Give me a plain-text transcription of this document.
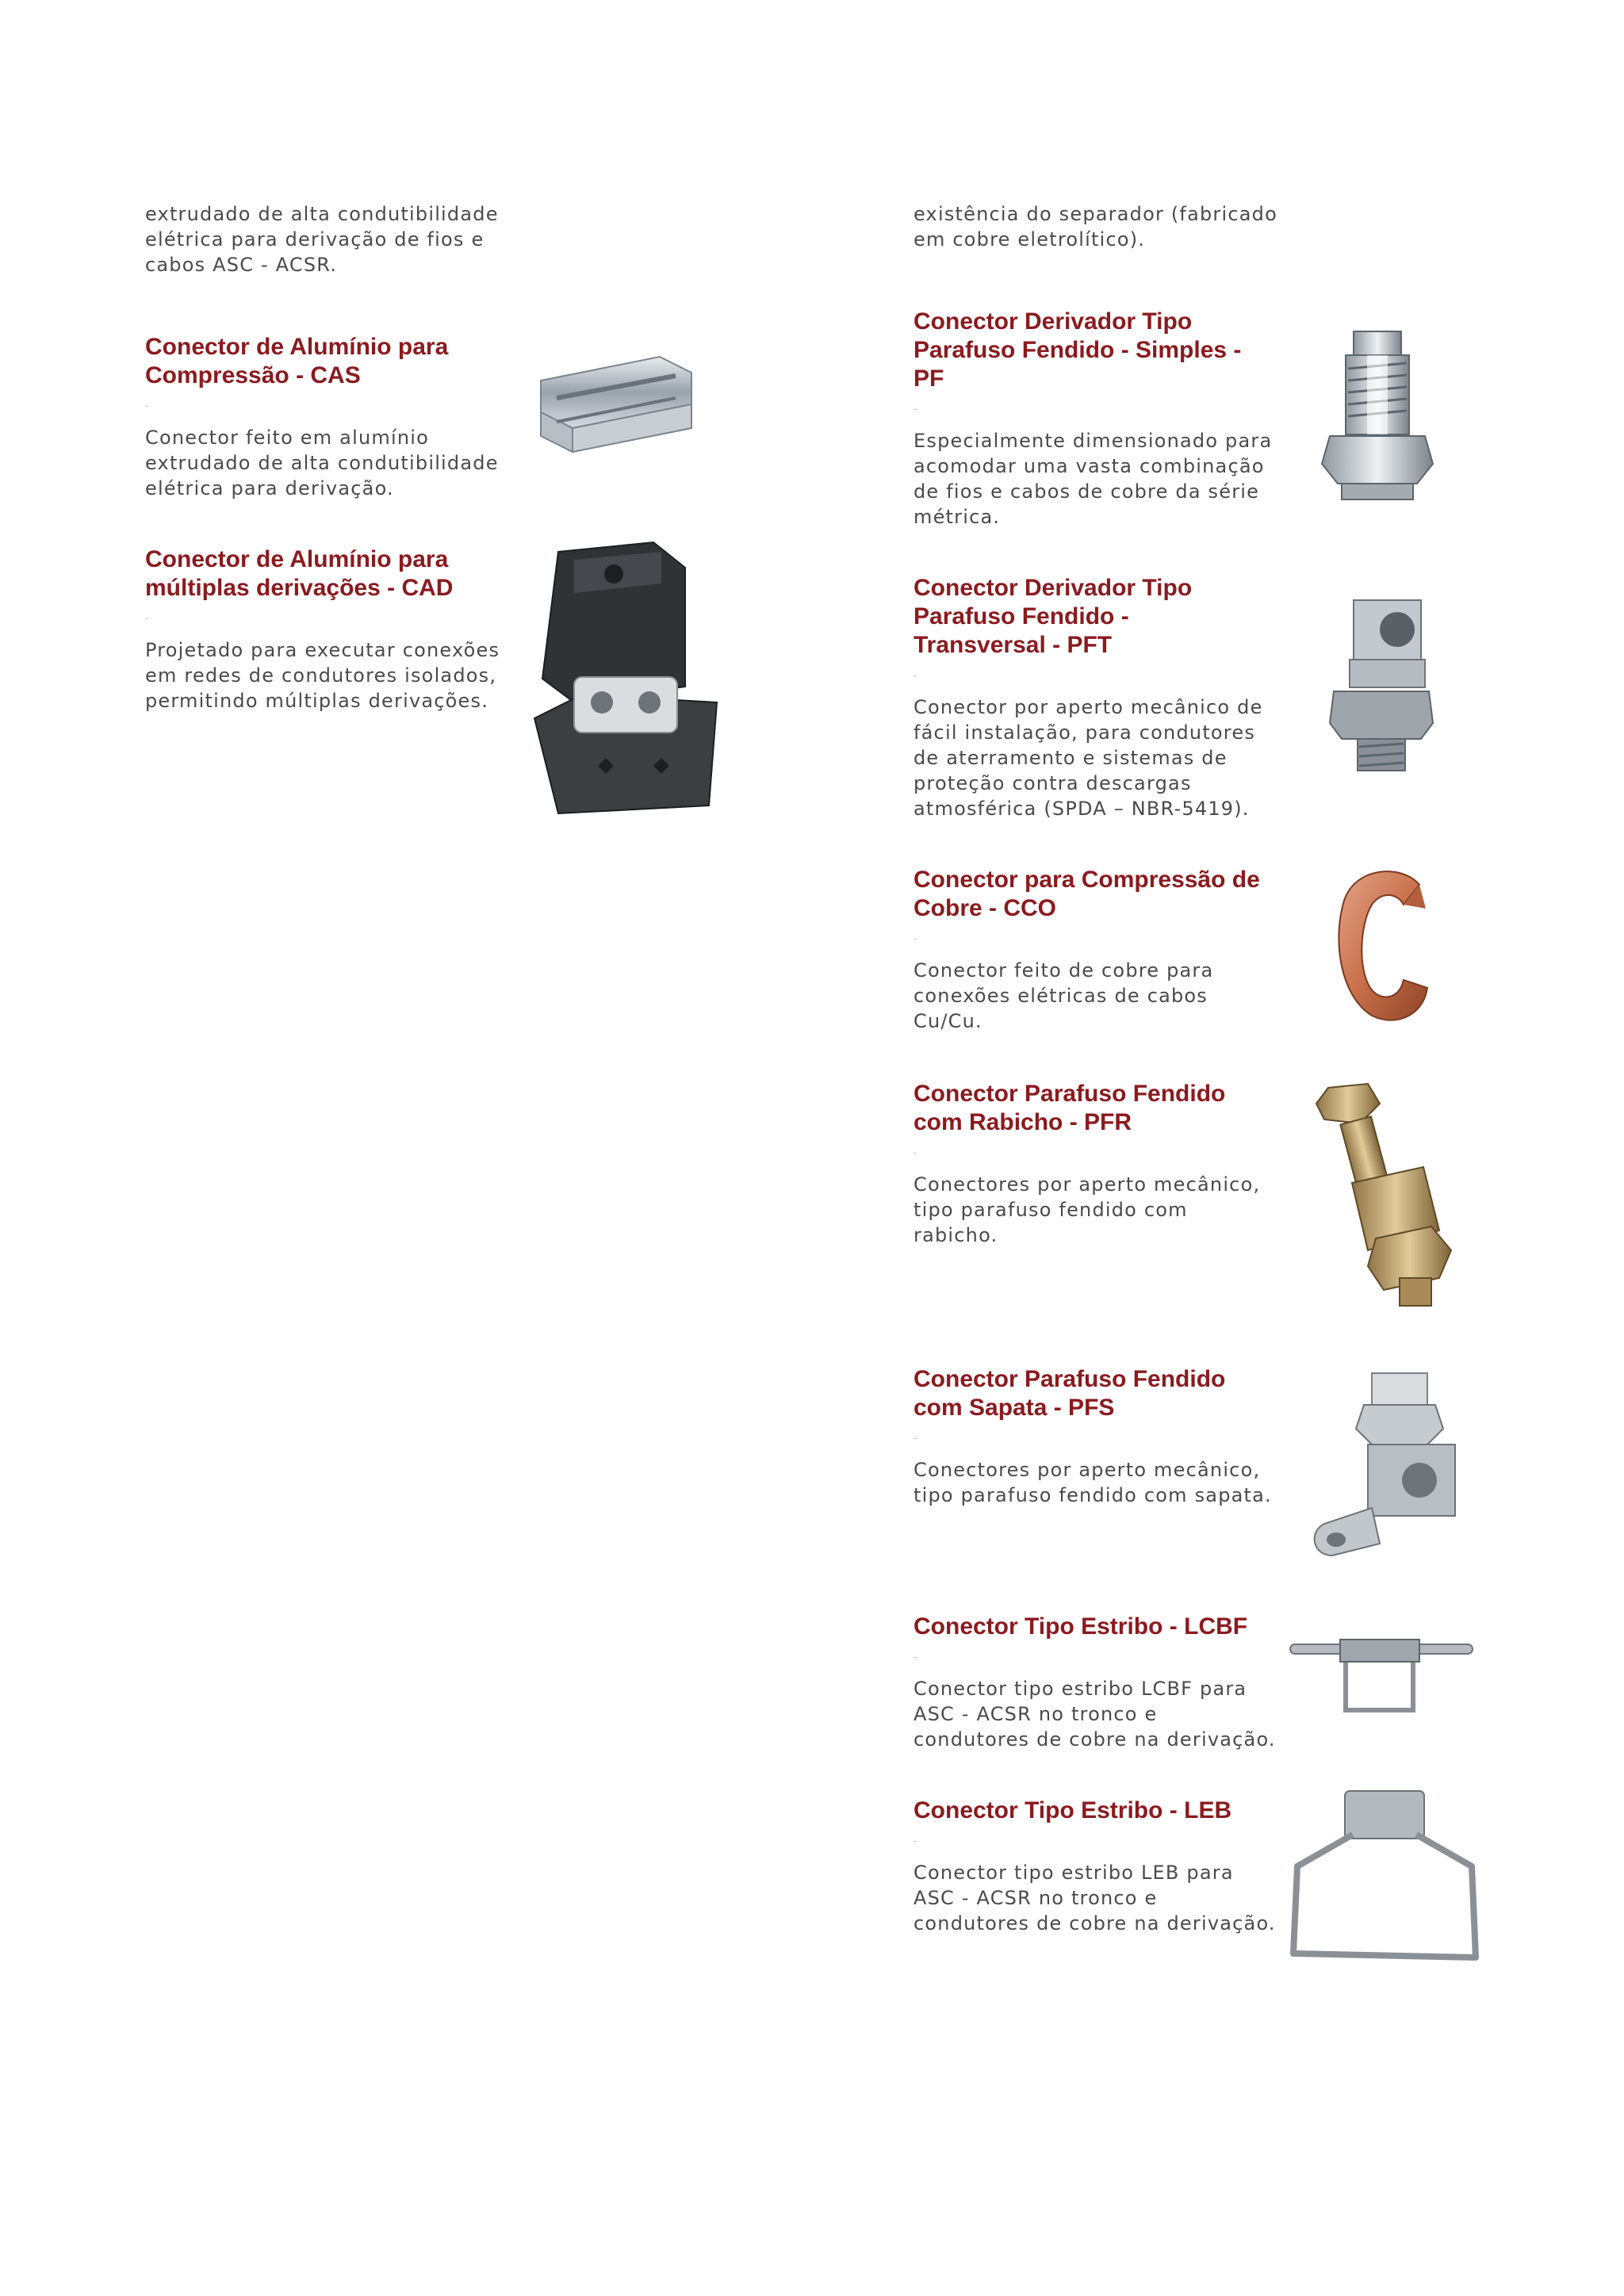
extrudado de alta condutibilidade
elétrica para derivação de fios e
cabos ASC - ACSR.

Conector de Alumínio para
Compressão - CAS
-

Conector feito em alumínio
extrudado de alta condutibilidade
elétrica para derivação.

Conector de Alumínio para
múltiplas derivações - CAD
-

Projetado para executar conexões
em redes de condutores isolados,
permitindo múltiplas derivações.

existência do separador (fabricado
em cobre eletrolítico).

Conector Derivador Tipo
Parafuso Fendido - Simples -
PF
-

Especialmente dimensionado para
acomodar uma vasta combinação
de fios e cabos de cobre da série
métrica.

Conector Derivador Tipo
Parafuso Fendido -
Transversal - PFT
-

Conector por aperto mecânico de
fácil instalação, para condutores
de aterramento e sistemas de
proteção contra descargas
atmosférica (SPDA – NBR-5419).

Conector para Compressão de
Cobre - CCO
-

Conector feito de cobre para
conexões elétricas de cabos
Cu/Cu.

Conector Parafuso Fendido
com Rabicho - PFR
-

Conectores por aperto mecânico,
tipo parafuso fendido com
rabicho.

Conector Parafuso Fendido
com Sapata - PFS
-

Conectores por aperto mecânico,
tipo parafuso fendido com sapata.

Conector Tipo Estribo - LCBF
-

Conector tipo estribo LCBF para
ASC - ACSR no tronco e
condutores de cobre na derivação.

Conector Tipo Estribo - LEB
-

Conector tipo estribo LEB para
ASC - ACSR no tronco e
condutores de cobre na derivação.
